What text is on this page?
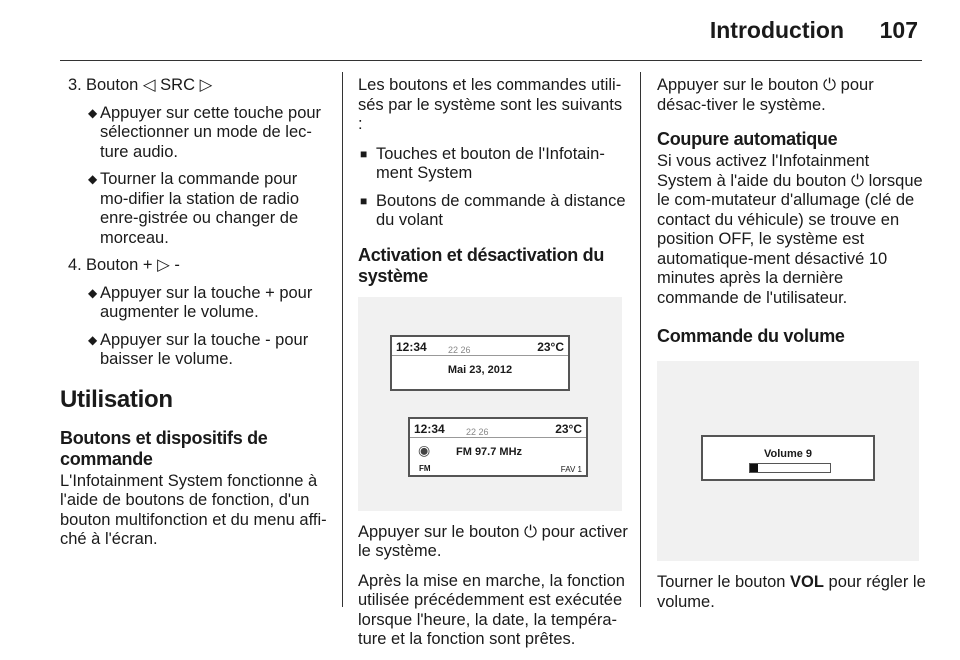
Introduction 107
3. Bouton ◁ SRC ▷
◆ Appuyer sur cette touche pour sélectionner un mode de lec-ture audio.
◆ Tourner la commande pour mo-difier la station de radio enre-gistrée ou changer de morceau.
4. Bouton + ▷ -
◆ Appuyer sur la touche + pour augmenter le volume.
◆ Appuyer sur la touche - pour baisser le volume.
Utilisation
Boutons et dispositifs de commande
L'Infotainment System fonctionne à l'aide de boutons de fonction, d'un bouton multifonction et du menu affi-ché à l'écran.
Les boutons et les commandes utili-sés par le système sont les suivants :
■ Touches et bouton de l'Infotain-ment System
■ Boutons de commande à distance du volant
Activation et désactivation du système
12:34 22 26	23°C
Mai 23, 2012
12:34 22 26	23°C
◉
FM
FM 97.7 MHz
FAV 1
Appuyer sur le bouton ⏻ pour activer le système.
Après la mise en marche, la fonction utilisée précédemment est exécutée lorsque l'heure, la date, la tempéra-ture et la fonction sont prêtes.
Appuyer sur le bouton ⏻ pour désac-tiver le système.
Coupure automatique
Si vous activez l'Infotainment System à l'aide du bouton ⏻ lorsque le com-mutateur d'allumage (clé de contact du véhicule) se trouve en position OFF, le système est automatique-ment désactivé 10 minutes après la dernière commande de l'utilisateur.
Commande du volume
Volume 9
Tourner le bouton VOL pour régler le volume.
